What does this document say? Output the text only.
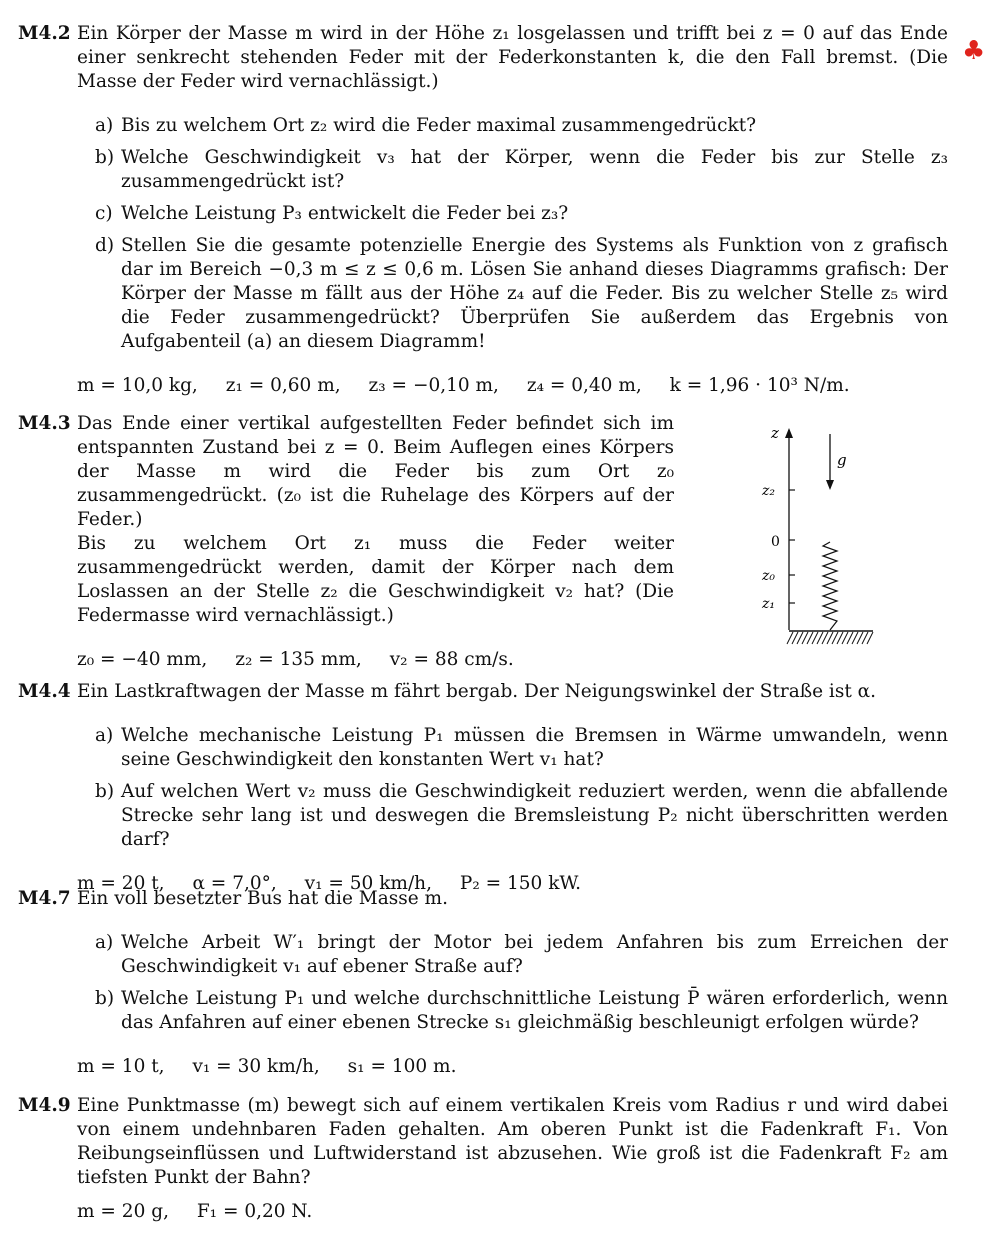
♣
M4.2 Ein Körper der Masse m wird in der Höhe z₁ losgelassen und trifft bei z = 0 auf das Ende einer senkrecht stehenden Feder mit der Federkonstanten k, die den Fall bremst. (Die Masse der Feder wird vernachlässigt.)
a) Bis zu welchem Ort z₂ wird die Feder maximal zusammengedrückt?
b) Welche Geschwindigkeit v₃ hat der Körper, wenn die Feder bis zur Stelle z₃ zusammengedrückt ist?
c) Welche Leistung P₃ entwickelt die Feder bei z₃?
d) Stellen Sie die gesamte potenzielle Energie des Systems als Funktion von z grafisch dar im Bereich −0,3 m ≤ z ≤ 0,6 m. Lösen Sie anhand dieses Diagramms grafisch: Der Körper der Masse m fällt aus der Höhe z₄ auf die Feder. Bis zu welcher Stelle z₅ wird die Feder zusammengedrückt? Überprüfen Sie außerdem das Ergebnis von Aufgabenteil (a) an diesem Diagramm!
m = 10,0 kg, z₁ = 0,60 m, z₃ = −0,10 m, z₄ = 0,40 m, k = 1,96 · 10³ N/m.
M4.3 Das Ende einer vertikal aufgestellten Feder befindet sich im entspannten Zustand bei z = 0. Beim Auflegen eines Körpers der Masse m wird die Feder bis zum Ort z₀ zusammengedrückt. (z₀ ist die Ruhelage des Körpers auf der Feder.)
Bis zu welchem Ort z₁ muss die Feder weiter zusammengedrückt werden, damit der Körper nach dem Loslassen an der Stelle z₂ die Geschwindigkeit v₂ hat? (Die Federmasse wird vernachlässigt.)
z₀ = −40 mm, z₂ = 135 mm, v₂ = 88 cm/s.
z
g
z₂
0
z₀
z₁
M4.4 Ein Lastkraftwagen der Masse m fährt bergab. Der Neigungswinkel der Straße ist α.
a) Welche mechanische Leistung P₁ müssen die Bremsen in Wärme umwandeln, wenn seine Geschwindigkeit den konstanten Wert v₁ hat?
b) Auf welchen Wert v₂ muss die Geschwindigkeit reduziert werden, wenn die abfallende Strecke sehr lang ist und deswegen die Bremsleistung P₂ nicht überschritten werden darf?
m = 20 t, α = 7,0°, v₁ = 50 km/h, P₂ = 150 kW.
M4.7 Ein voll besetzter Bus hat die Masse m.
a) Welche Arbeit W′₁ bringt der Motor bei jedem Anfahren bis zum Erreichen der Geschwindigkeit v₁ auf ebener Straße auf?
b) Welche Leistung P₁ und welche durchschnittliche Leistung P̄ wären erforderlich, wenn das Anfahren auf einer ebenen Strecke s₁ gleichmäßig beschleunigt erfolgen würde?
m = 10 t, v₁ = 30 km/h, s₁ = 100 m.
M4.9 Eine Punktmasse (m) bewegt sich auf einem vertikalen Kreis vom Radius r und wird dabei von einem undehnbaren Faden gehalten. Am oberen Punkt ist die Fadenkraft F₁. Von Reibungseinflüssen und Luftwiderstand ist abzusehen. Wie groß ist die Fadenkraft F₂ am tiefsten Punkt der Bahn?
m = 20 g, F₁ = 0,20 N.
